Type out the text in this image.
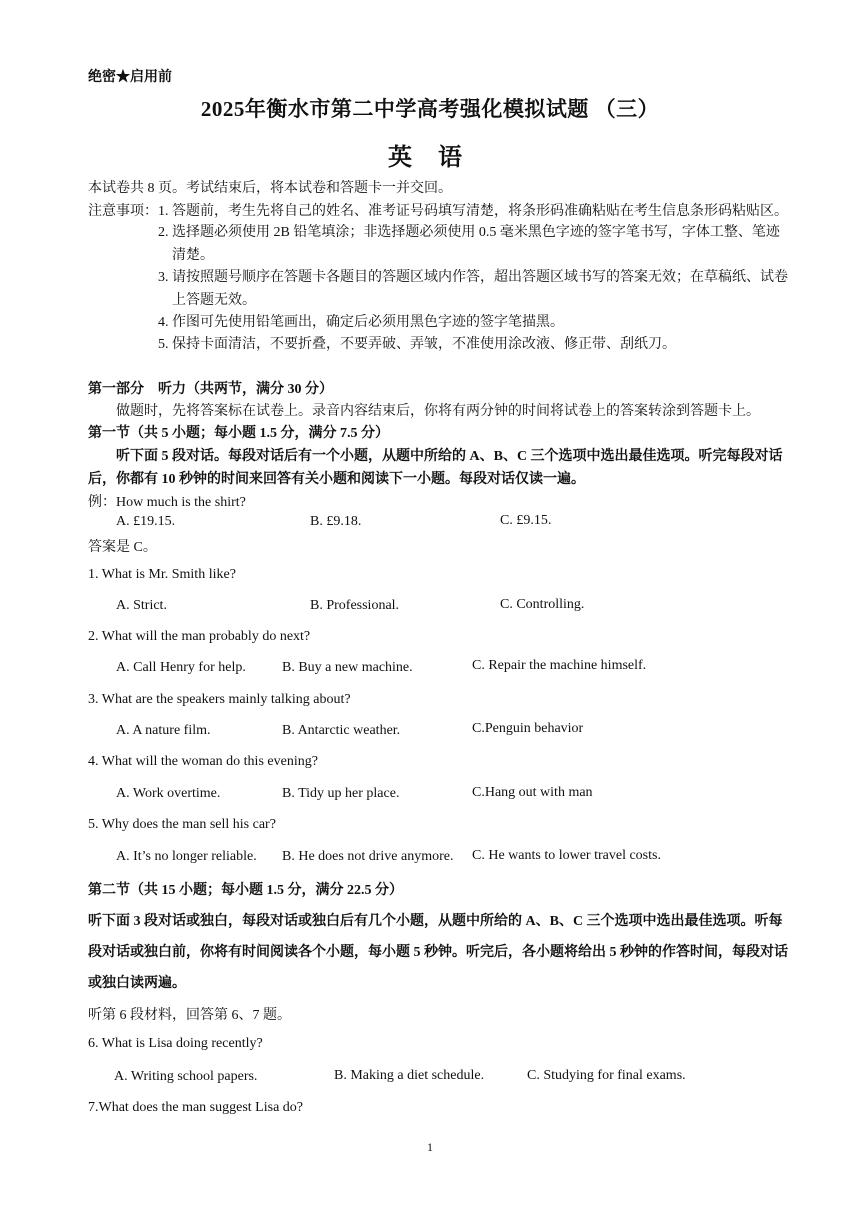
绝密★启用前
2025年衡水市第二中学高考强化模拟试题 （三）
英 语
本试卷共 8 页。考试结束后，将本试卷和答题卡一并交回。
注意事项： 1. 答题前，考生先将自己的姓名、准考证号码填写清楚，将条形码准确粘贴在考生信息条形码粘贴区。
2. 选择题必须使用 2B 铅笔填涂；非选择题必须使用 0.5 毫米黑色字迹的签字笔书写，字体工整、笔迹
清楚。
3. 请按照题号顺序在答题卡各题目的答题区域内作答，超出答题区域书写的答案无效；在草稿纸、试卷
上答题无效。
4. 作图可先使用铅笔画出，确定后必须用黑色字迹的签字笔描黑。
5. 保持卡面清洁，不要折叠，不要弄破、弄皱，不准使用涂改液、修正带、刮纸刀。
第一部分　听力（共两节，满分 30 分）
做题时，先将答案标在试卷上。录音内容结束后，你将有两分钟的时间将试卷上的答案转涂到答题卡上。
第一节（共 5 小题；每小题 1.5 分，满分 7.5 分）
听下面 5 段对话。每段对话后有一个小题，从题中所给的 A、B、C 三个选项中选出最佳选项。听完每段对话
后，你都有 10 秒钟的时间来回答有关小题和阅读下一小题。每段对话仅读一遍。
例：How much is the shirt?
A. £19.15.	B. £9.18.	C. £9.15.
答案是 C。
1. What is Mr. Smith like?
A. Strict.	B. Professional.	C. Controlling.
2. What will the man probably do next?
A. Call Henry for help.	B. Buy a new machine.	C. Repair the machine himself.
3. What are the speakers mainly talking about?
A. A nature film.	B. Antarctic weather.	C.Penguin behavior
4. What will the woman do this evening?
A. Work overtime.	B. Tidy up her place.	C.Hang out with man
5. Why does the man sell his car?
A. It’s no longer reliable. B. He does not drive anymore. C. He wants to lower travel costs.
第二节（共 15 小题；每小题 1.5 分，满分 22.5 分）
听下面 3 段对话或独白，每段对话或独白后有几个小题，从题中所给的 A、B、C 三个选项中选出最佳选项。听每
段对话或独白前，你将有时间阅读各个小题，每小题 5 秒钟。听完后，各小题将给出 5 秒钟的作答时间，每段对话
或独白读两遍。
听第 6 段材料，回答第 6、7 题。
6. What is Lisa doing recently?
A. Writing school papers.	B. Making a diet schedule.	C. Studying for final exams.
7.What does the man suggest Lisa do?
1
